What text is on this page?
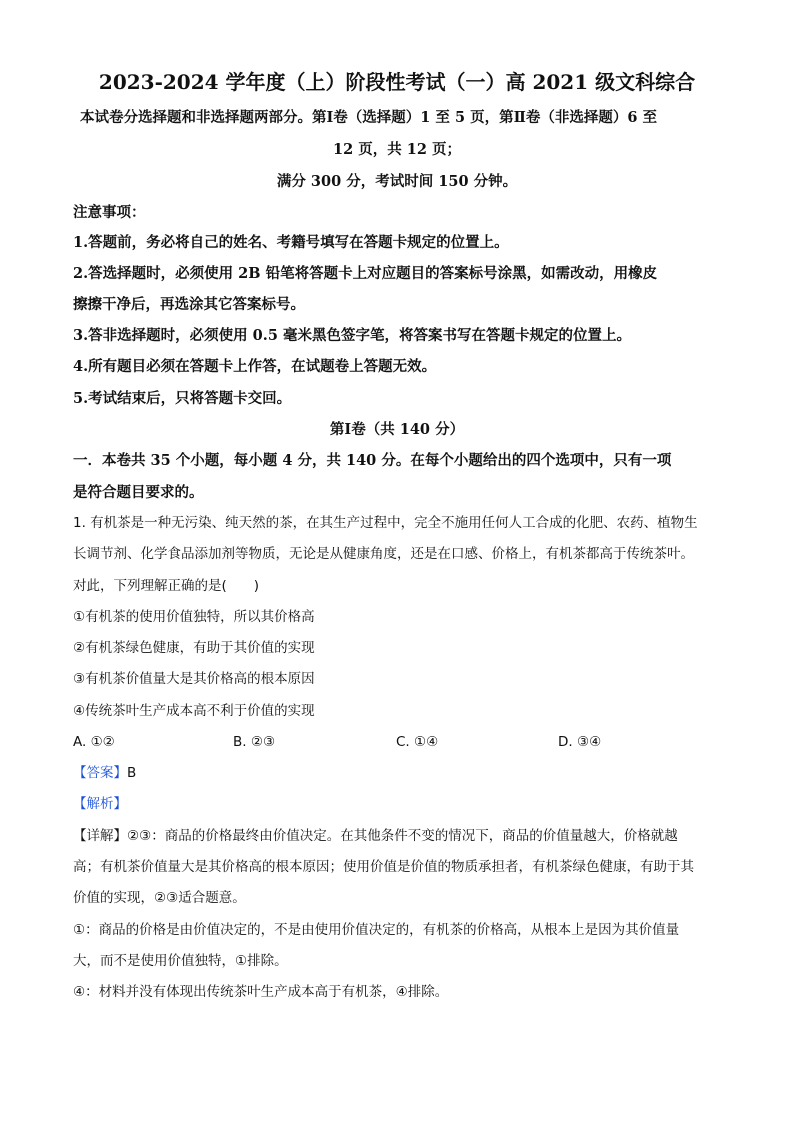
2023-2024 学年度（上）阶段性考试（一）高 2021 级文科综合
本试卷分选择题和非选择题两部分。第Ⅰ卷（选择题）1 至 5 页，第Ⅱ卷（非选择题）6 至
12 页，共 12 页；
满分 300 分，考试时间 150 分钟。
注意事项：
1.答题前，务必将自己的姓名、考籍号填写在答题卡规定的位置上。
2.答选择题时，必须使用 2B 铅笔将答题卡上对应题目的答案标号涂黑，如需改动，用橡皮
擦擦干净后，再选涂其它答案标号。
3.答非选择题时，必须使用 0.5 毫米黑色签字笔，将答案书写在答题卡规定的位置上。
4.所有题目必须在答题卡上作答，在试题卷上答题无效。
5.考试结束后，只将答题卡交回。
第Ⅰ卷（共 140 分）
一．本卷共 35 个小题，每小题 4 分，共 140 分。在每个小题给出的四个选项中，只有一项
是符合题目要求的。
1. 有机茶是一种无污染、纯天然的茶，在其生产过程中，完全不施用任何人工合成的化肥、农药、植物生
长调节剂、化学食品添加剂等物质，无论是从健康角度，还是在口感、价格上，有机茶都高于传统茶叶。
对此，下列理解正确的是(　　)
①有机茶的使用价值独特，所以其价格高
②有机茶绿色健康，有助于其价值的实现
③有机茶价值量大是其价格高的根本原因
④传统茶叶生产成本高不利于价值的实现
A. ①②	B. ②③	C. ①④	D. ③④
【答案】B
【解析】
【详解】②③：商品的价格最终由价值决定。在其他条件不变的情况下，商品的价值量越大，价格就越
高；有机茶价值量大是其价格高的根本原因；使用价值是价值的物质承担者，有机茶绿色健康，有助于其
价值的实现，②③适合题意。
①：商品的价格是由价值决定的，不是由使用价值决定的，有机茶的价格高，从根本上是因为其价值量
大，而不是使用价值独特，①排除。
④：材料并没有体现出传统茶叶生产成本高于有机茶，④排除。
